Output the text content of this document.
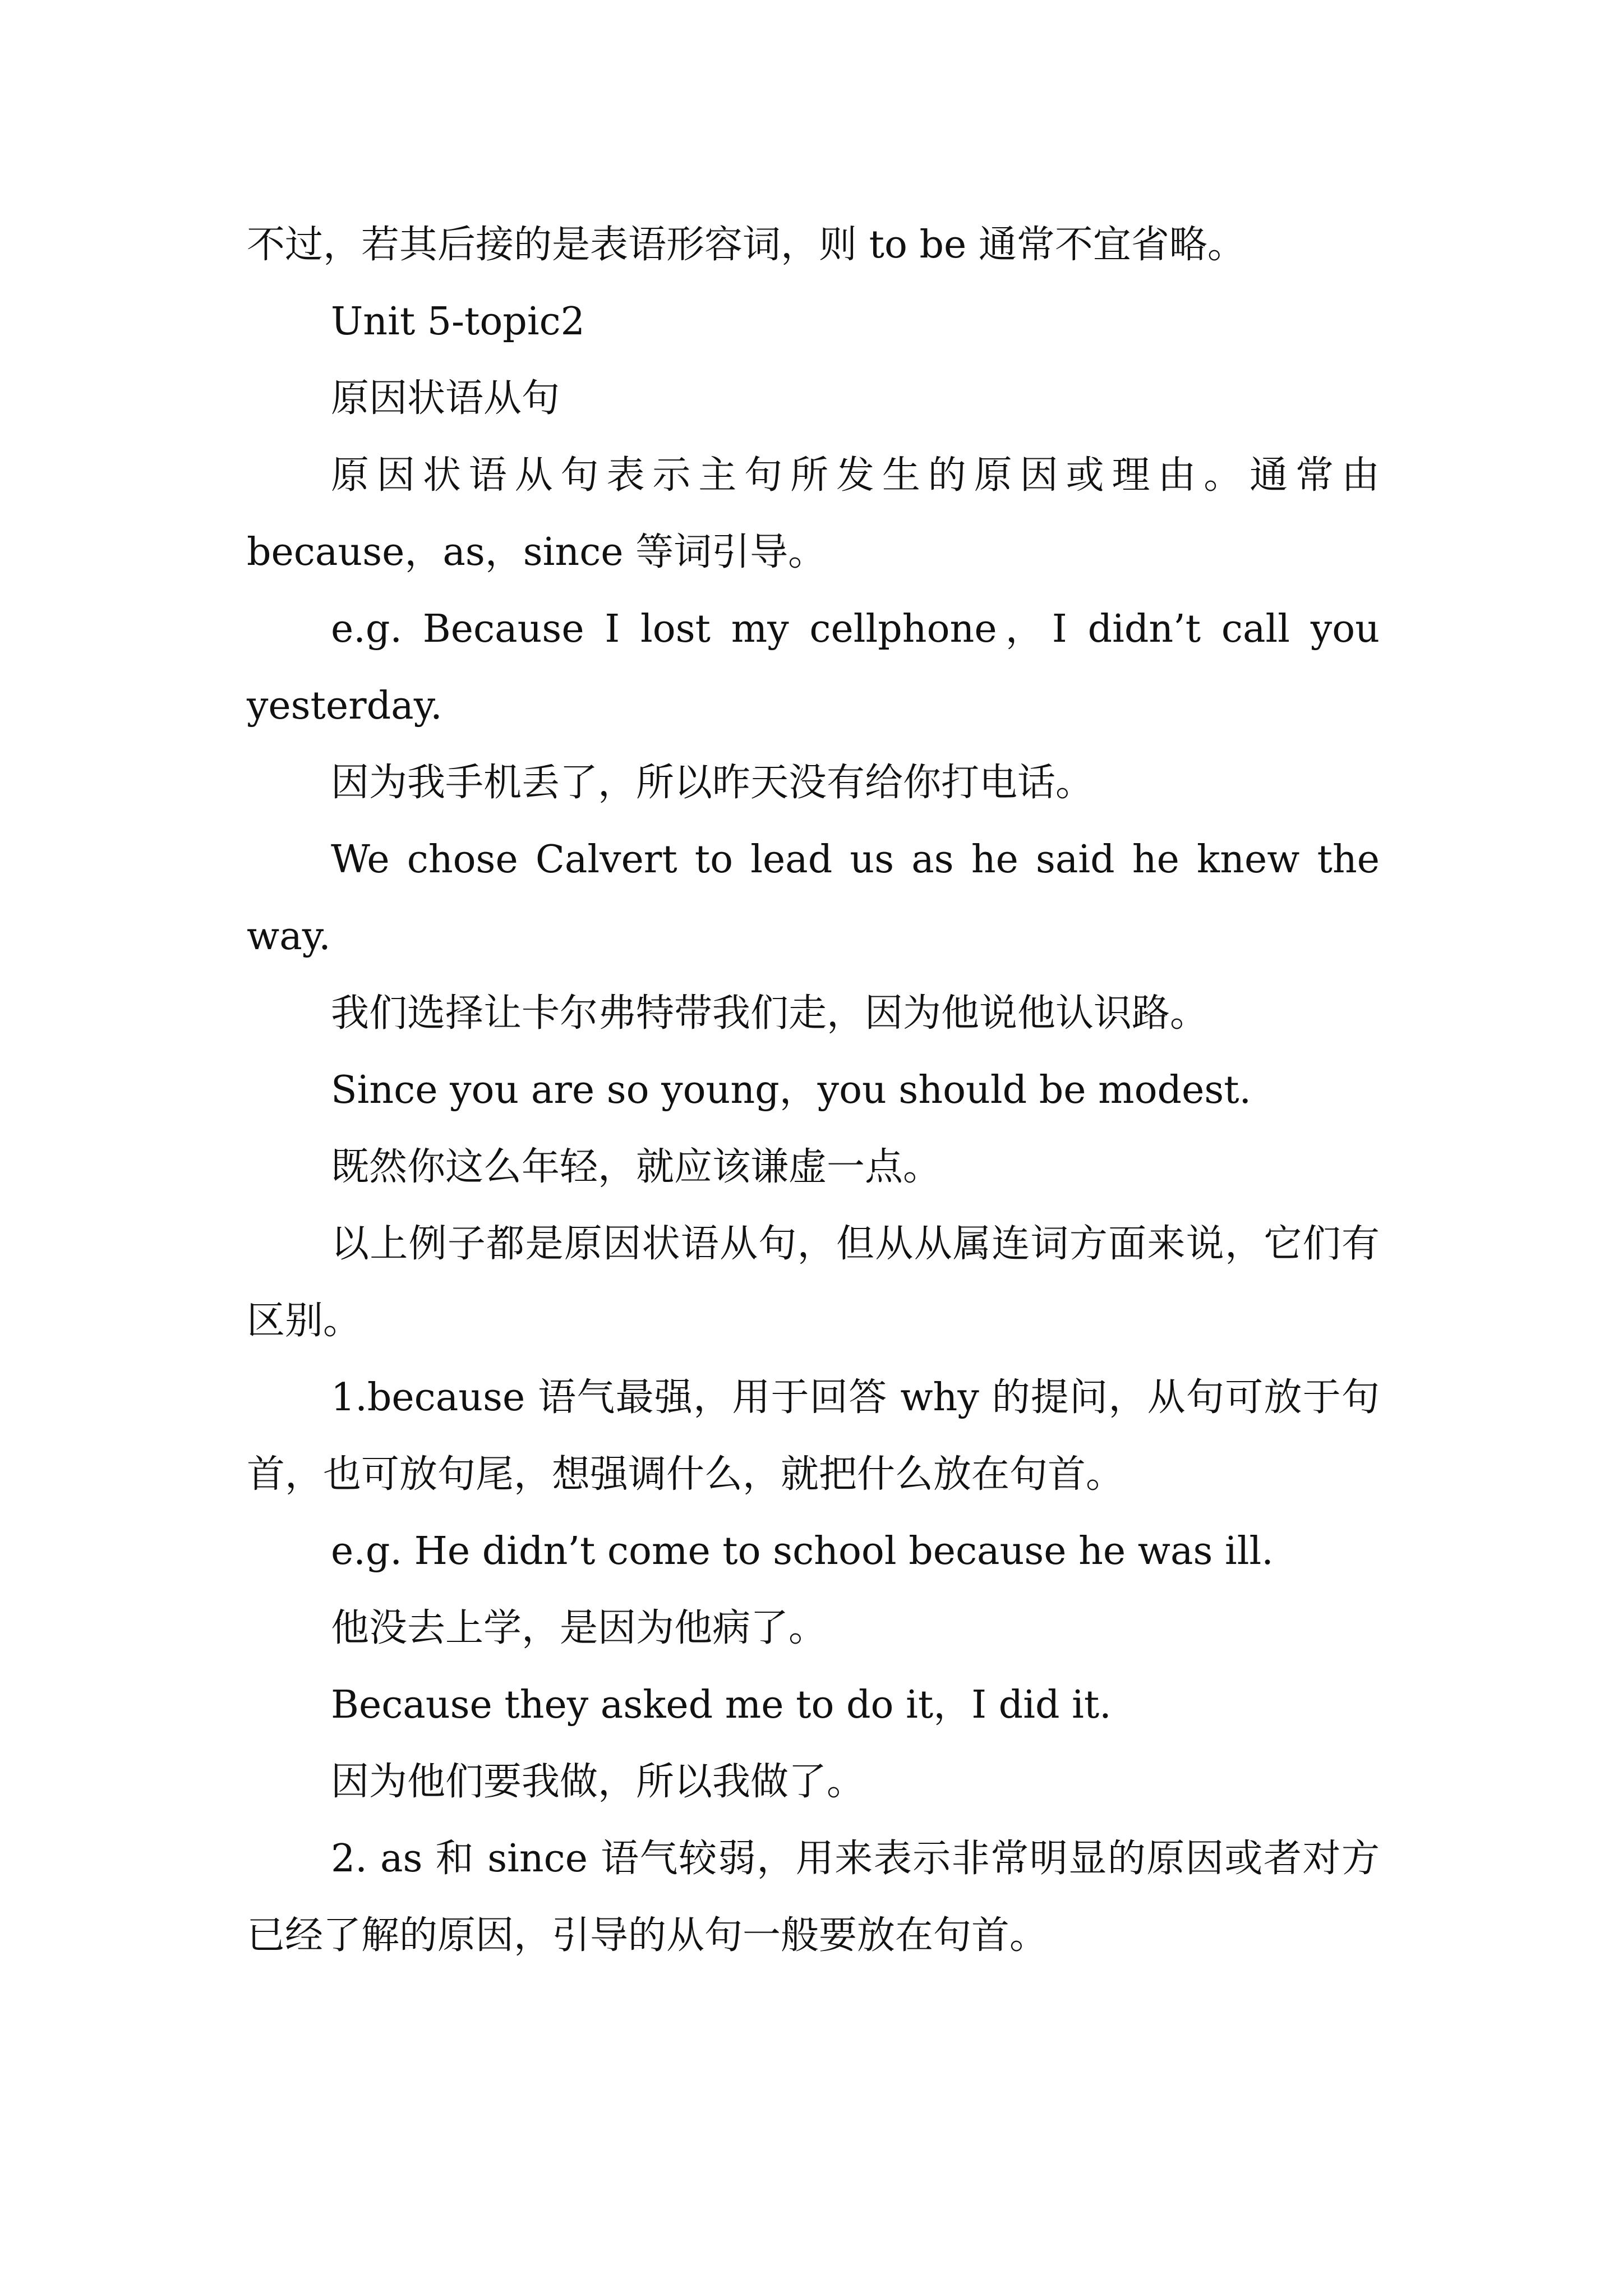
不过，若其后接的是表语形容词，则 to be 通常不宜省略。

Unit 5-topic2

原因状语从句

原因状语从句表示主句所发生的原因或理由。通常由 because，as，since 等词引导。

e.g. Because I lost my cellphone，I didn’t call you yesterday.

因为我手机丢了，所以昨天没有给你打电话。

We chose Calvert to lead us as he said he knew the way.

我们选择让卡尔弗特带我们走，因为他说他认识路。

Since you are so young，you should be modest.

既然你这么年轻，就应该谦虚一点。

以上例子都是原因状语从句，但从从属连词方面来说，它们有区别。

1.because 语气最强，用于回答 why 的提问，从句可放于句首，也可放句尾，想强调什么，就把什么放在句首。

e.g. He didn’t come to school because he was ill.

他没去上学，是因为他病了。

Because they asked me to do it，I did it.

因为他们要我做，所以我做了。

2. as 和 since 语气较弱，用来表示非常明显的原因或者对方已经了解的原因，引导的从句一般要放在句首。
